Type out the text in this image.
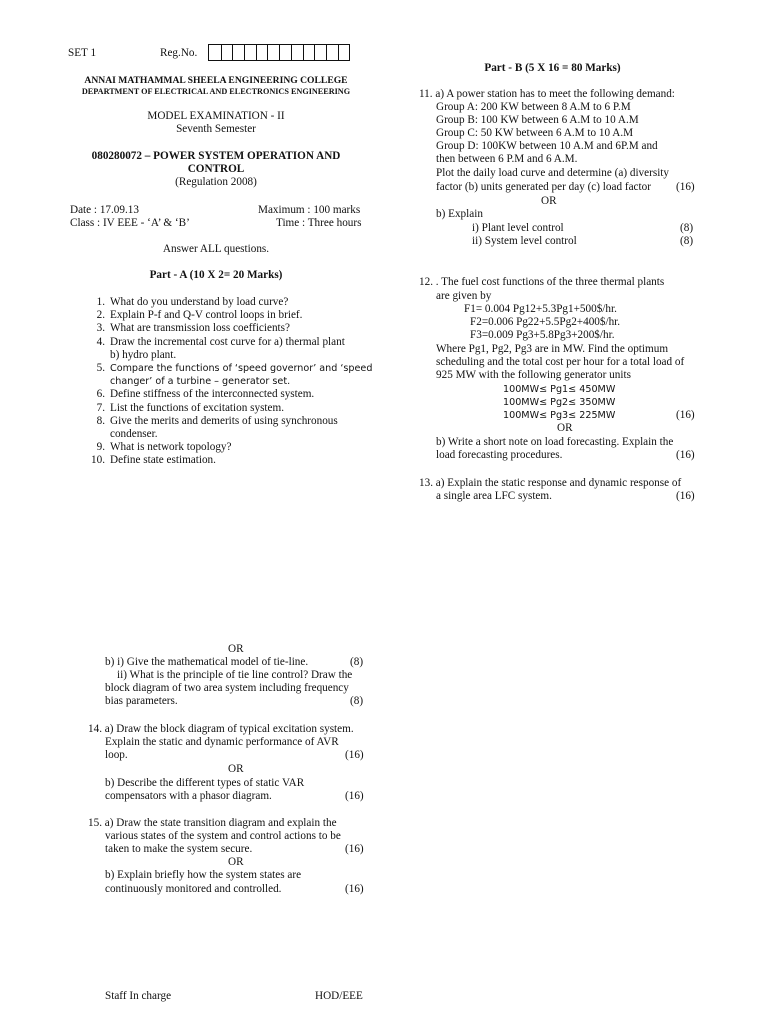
SET 1	Reg.No.
ANNAI MATHAMMAL SHEELA ENGINEERING COLLEGE
DEPARTMENT OF ELECTRICAL AND ELECTRONICS ENGINEERING
MODEL EXAMINATION - II
Seventh Semester
080280072 – POWER SYSTEM OPERATION AND
CONTROL
(Regulation 2008)
Date : 17.09.13	Maximum : 100 marks
Class : IV EEE - ‘A’ & ‘B’	Time : Three hours
Answer ALL questions.
Part - A (10 X 2= 20 Marks)
1. What do you understand by load curve?
2. Explain P-f and Q-V control loops in brief.
3. What are transmission loss coefficients?
4. Draw the incremental cost curve for a) thermal plant
b) hydro plant.
5. Compare the functions of ‘speed governor’ and ‘speed
changer’ of a turbine – generator set.
6. Define stiffness of the interconnected system.
7. List the functions of excitation system.
8. Give the merits and demerits of using synchronous
condenser.
9. What is network topology?
10. Define state estimation.
Part - B (5 X 16 = 80 Marks)
11. a) A power station has to meet the following demand:
Group A: 200 KW between 8 A.M to 6 P.M
Group B: 100 KW between 6 A.M to 10 A.M
Group C: 50 KW between 6 A.M to 10 A.M
Group D: 100KW between 10 A.M and 6P.M and
then between 6 P.M and 6 A.M.
Plot the daily load curve and determine (a) diversity
factor (b) units generated per day (c) load factor (16)
OR
b) Explain
i) Plant level control	(8)
ii) System level control	(8)
12. . The fuel cost functions of the three thermal plants
are given by
F1= 0.004 Pg12+5.3Pg1+500$/hr.
F2=0.006 Pg22+5.5Pg2+400$/hr.
F3=0.009 Pg3+5.8Pg3+200$/hr.
Where Pg1, Pg2, Pg3 are in MW. Find the optimum
scheduling and the total cost per hour for a total load of
925 MW with the following generator units
100MW≤ Pg1≤ 450MW
100MW≤ Pg2≤ 350MW
100MW≤ Pg3≤ 225MW	(16)
OR
b) Write a short note on load forecasting. Explain the
load forecasting procedures.	(16)
13. a) Explain the static response and dynamic response of
a single area LFC system.	(16)
OR
b) i) Give the mathematical model of tie-line.	(8)
ii) What is the principle of tie line control? Draw the
block diagram of two area system including frequency
bias parameters.	(8)
14. a) Draw the block diagram of typical excitation system.
Explain the static and dynamic performance of AVR
loop.	(16)
OR
b) Describe the different types of static VAR
compensators with a phasor diagram.	(16)
15. a) Draw the state transition diagram and explain the
various states of the system and control actions to be
taken to make the system secure.	(16)
OR
b) Explain briefly how the system states are
continuously monitored and controlled.	(16)
Staff In charge	HOD/EEE
